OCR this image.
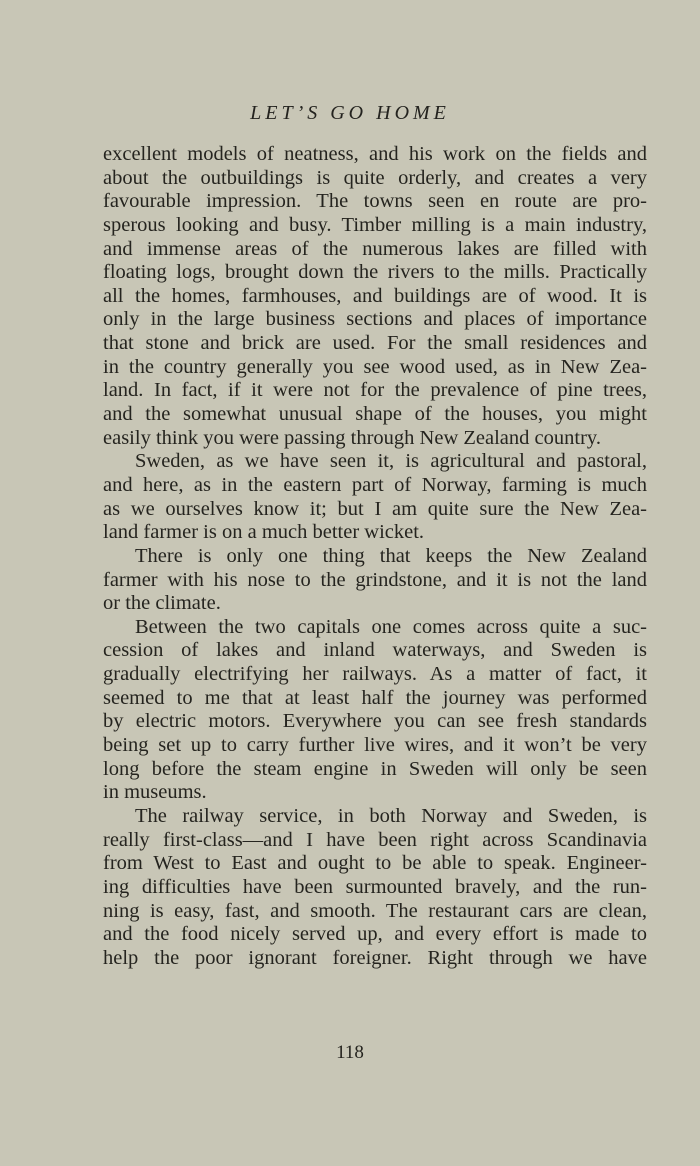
LET’S GO HOME
excellent models of neatness, and his work on the fields and
about the outbuildings is quite orderly, and creates a very
favourable impression. The towns seen en route are pro-
sperous looking and busy. Timber milling is a main industry,
and immense areas of the numerous lakes are filled with
floating logs, brought down the rivers to the mills. Practically
all the homes, farmhouses, and buildings are of wood. It is
only in the large business sections and places of importance
that stone and brick are used. For the small residences and
in the country generally you see wood used, as in New Zea-
land. In fact, if it were not for the prevalence of pine trees,
and the somewhat unusual shape of the houses, you might
easily think you were passing through New Zealand country.
Sweden, as we have seen it, is agricultural and pastoral,
and here, as in the eastern part of Norway, farming is much
as we ourselves know it; but I am quite sure the New Zea-
land farmer is on a much better wicket.
There is only one thing that keeps the New Zealand
farmer with his nose to the grindstone, and it is not the land
or the climate.
Between the two capitals one comes across quite a suc-
cession of lakes and inland waterways, and Sweden is
gradually electrifying her railways. As a matter of fact, it
seemed to me that at least half the journey was performed
by electric motors. Everywhere you can see fresh standards
being set up to carry further live wires, and it won’t be very
long before the steam engine in Sweden will only be seen
in museums.
The railway service, in both Norway and Sweden, is
really first-class—and I have been right across Scandinavia
from West to East and ought to be able to speak. Engineer-
ing difficulties have been surmounted bravely, and the run-
ning is easy, fast, and smooth. The restaurant cars are clean,
and the food nicely served up, and every effort is made to
help the poor ignorant foreigner. Right through we have
118
